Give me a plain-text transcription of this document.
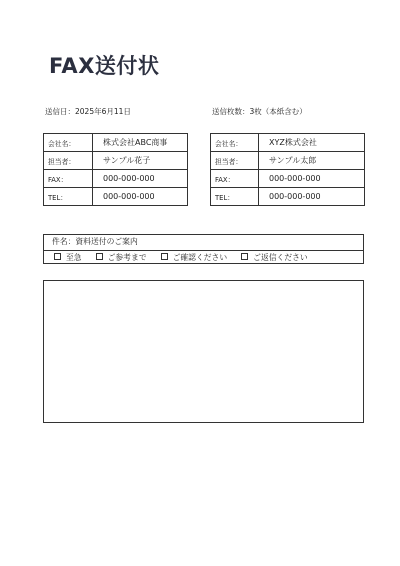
FAX送付状
送信日：2025年6月11日	送信枚数：3枚（本紙含む）
会社名：	株式会社ABC商事
担当者：	サンプル花子
FAX：	000-000-000
TEL：	000-000-000
会社名：	XYZ株式会社
担当者：	サンプル太郎
FAX：	000-000-000
TEL：	000-000-000
件名：資料送付のご案内
至急	ご参考まで	ご確認ください	ご返信ください
